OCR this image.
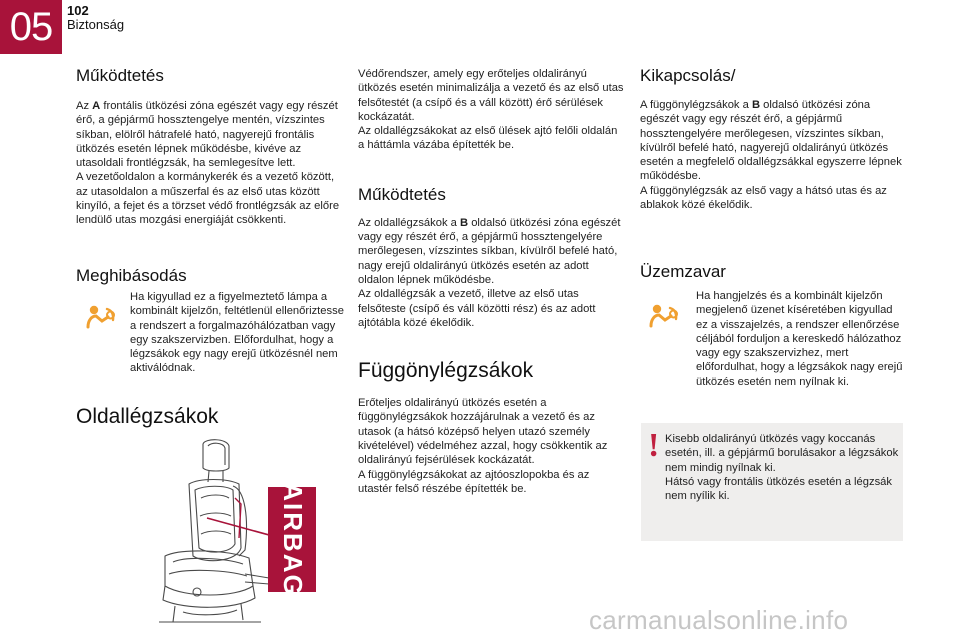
05	102
Biztonság
Működtetés

Az A frontális ütközési zóna egészét vagy egy részét érő, a gépjármű hossztengelye mentén, vízszintes síkban, elölről hátrafelé ható, nagyerejű frontális ütközés esetén lépnek működésbe, kivéve az utasoldali frontlégzsák, ha semlegesítve lett.

A vezetőoldalon a kormánykerék és a vezető között, az utasoldalon a műszerfal és az első utas között kinyíló, a fejet és a törzset védő frontlégzsák az előre lendülő utas mozgási energiáját csökkenti.

Meghibásodás

Ha kigyullad ez a figyelmeztető lámpa a kombinált kijelzőn, feltétlenül ellenőriztesse a rendszert a forgalmazóhálózatban vagy egy szakszervizben. Előfordulhat, hogy a légzsákok egy nagy erejű ütközésnél nem aktiválódnak.

Oldallégzsákok
AIRBAG

Védőrendszer, amely egy erőteljes oldalirányú ütközés esetén minimalizálja a vezető és az első utas felsőtestét (a csípő és a váll között) érő sérülések kockázatát.

Az oldallégzsákokat az első ülések ajtó felőli oldalán a háttámla vázába építették be.

Működtetés

Az oldallégzsákok a B oldalsó ütközési zóna egészét vagy egy részét érő, a gépjármű hossztengelyére merőlegesen, vízszintes síkban, kívülről befelé ható, nagy erejű oldalirányú ütközés esetén az adott oldalon lépnek működésbe.

Az oldallégzsák a vezető, illetve az első utas felsőteste (csípő és váll közötti rész) és az adott ajtótábla közé ékelődik.

Függönylégzsákok

Erőteljes oldalirányú ütközés esetén a függönylégzsákok hozzájárulnak a vezető és az utasok (a hátsó középső helyen utazó személy kivételével) védelméhez azzal, hogy csökkentik az oldalirányú fejsérülések kockázatát.

A függönylégzsákokat az ajtóoszlopokba és az utastér felső részébe építették be.

Kikapcsolás/

A függönylégzsákok a B oldalsó ütközési zóna egészét vagy egy részét érő, a gépjármű hossztengelyére merőlegesen, vízszintes síkban, kívülről befelé ható, nagyerejű oldalirányú ütközés esetén a megfelelő oldallégzsákkal egyszerre lépnek működésbe.

A függönylégzsák az első vagy a hátsó utas és az ablakok közé ékelődik.

Üzemzavar

Ha hangjelzés és a kombinált kijelzőn megjelenő üzenet kíséretében kigyullad ez a visszajelzés, a rendszer ellenőrzése céljából forduljon a kereskedő hálózathoz vagy egy szakszervizhez, mert előfordulhat, hogy a légzsákok nagy erejű ütközés esetén nem nyílnak ki.

! Kisebb oldalirányú ütközés vagy koccanás esetén, ill. a gépjármű borulásakor a légzsákok nem mindig nyílnak ki.

Hátsó vagy frontális ütközés esetén a légzsák nem nyílik ki.

carmanualsonline.info
